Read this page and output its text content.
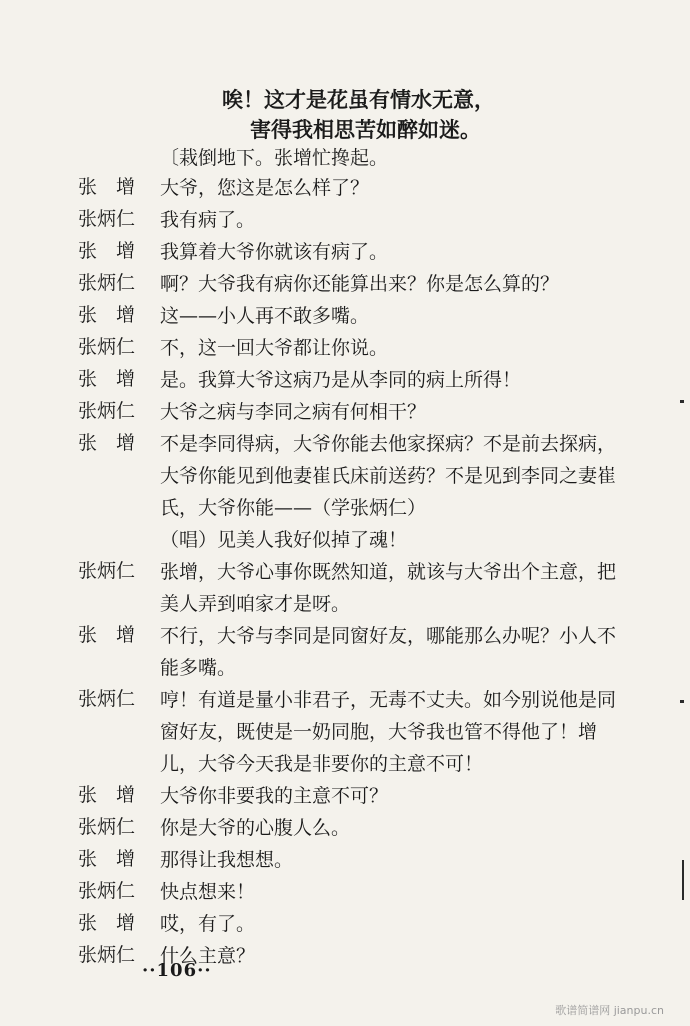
唉！这才是花虽有情水无意，
害得我相思苦如醉如迷。
〔栽倒地下。张增忙搀起。
张　增	大爷，您这是怎么样了？
张炳仁	我有病了。
张　增	我算着大爷你就该有病了。
张炳仁	啊？大爷我有病你还能算出来？你是怎么算的？
张　增	这——小人再不敢多嘴。
张炳仁	不，这一回大爷都让你说。
张　增	是。我算大爷这病乃是从李同的病上所得！
张炳仁	大爷之病与李同之病有何相干？
张　增	不是李同得病，大爷你能去他家探病？不是前去探病，
大爷你能见到他妻崔氏床前送药？不是见到李同之妻崔
氏，大爷你能——（学张炳仁）
（唱）见美人我好似掉了魂！
张炳仁	张增，大爷心事你既然知道，就该与大爷出个主意，把
美人弄到咱家才是呀。
张　增	不行，大爷与李同是同窗好友，哪能那么办呢？小人不
能多嘴。
张炳仁	哼！有道是量小非君子，无毒不丈夫。如今别说他是同
窗好友，既使是一奶同胞，大爷我也管不得他了！增
儿，大爷今天我是非要你的主意不可！
张　增	大爷你非要我的主意不可？
张炳仁	你是大爷的心腹人么。
张　增	那得让我想想。
张炳仁	快点想来！
张　增	哎，有了。
张炳仁	什么主意？
··106··
歌谱简谱网 jianpu.cn
